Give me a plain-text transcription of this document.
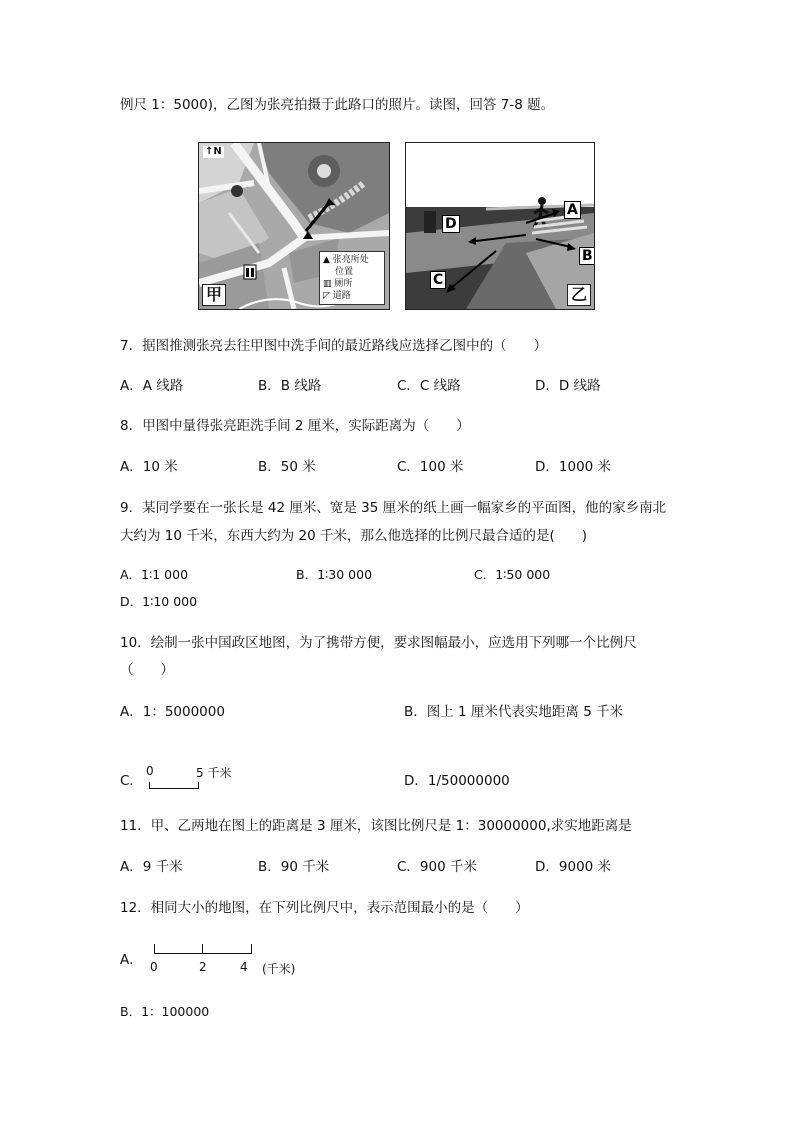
例尺 1：5000)，乙图为张亮拍摄于此路口的照片。读图，回答 7-8 题。
↑N
甲
▲ 张亮所处
位置
▥ 厕所
◸ 道路
A
B
C
D
乙
7．据图推测张亮去往甲图中洗手间的最近路线应选择乙图中的（　　）
A．A 线路	B．B 线路	C．C 线路	D．D 线路
8．甲图中量得张亮距洗手间 2 厘米，实际距离为（　　）
A．10 米	B．50 米	C．100 米	D．1000 米
9．某同学要在一张长是 42 厘米、宽是 35 厘米的纸上画一幅家乡的平面图，他的家乡南北
大约为 10 千米，东西大约为 20 千米，那么他选择的比例尺最合适的是(　　)
A．1∶1 000	B．1∶30 000	C．1∶50 000
D．1∶10 000
10．绘制一张中国政区地图，为了携带方便，要求图幅最小，应选用下列哪一个比例尺
（　　）
A．1：5000000	B．图上 1 厘米代表实地距离 5 千米
C．
0	5 千米	D．1/50000000
11．甲、乙两地在图上的距离是 3 厘米，该图比例尺是 1：30000000,求实地距离是
A．9 千米	B．90 千米	C．900 千米	D．9000 米
12．相同大小的地图，在下列比例尺中，表示范围最小的是（　　）
A． 0	2	4 (千米)
B．1：100000
